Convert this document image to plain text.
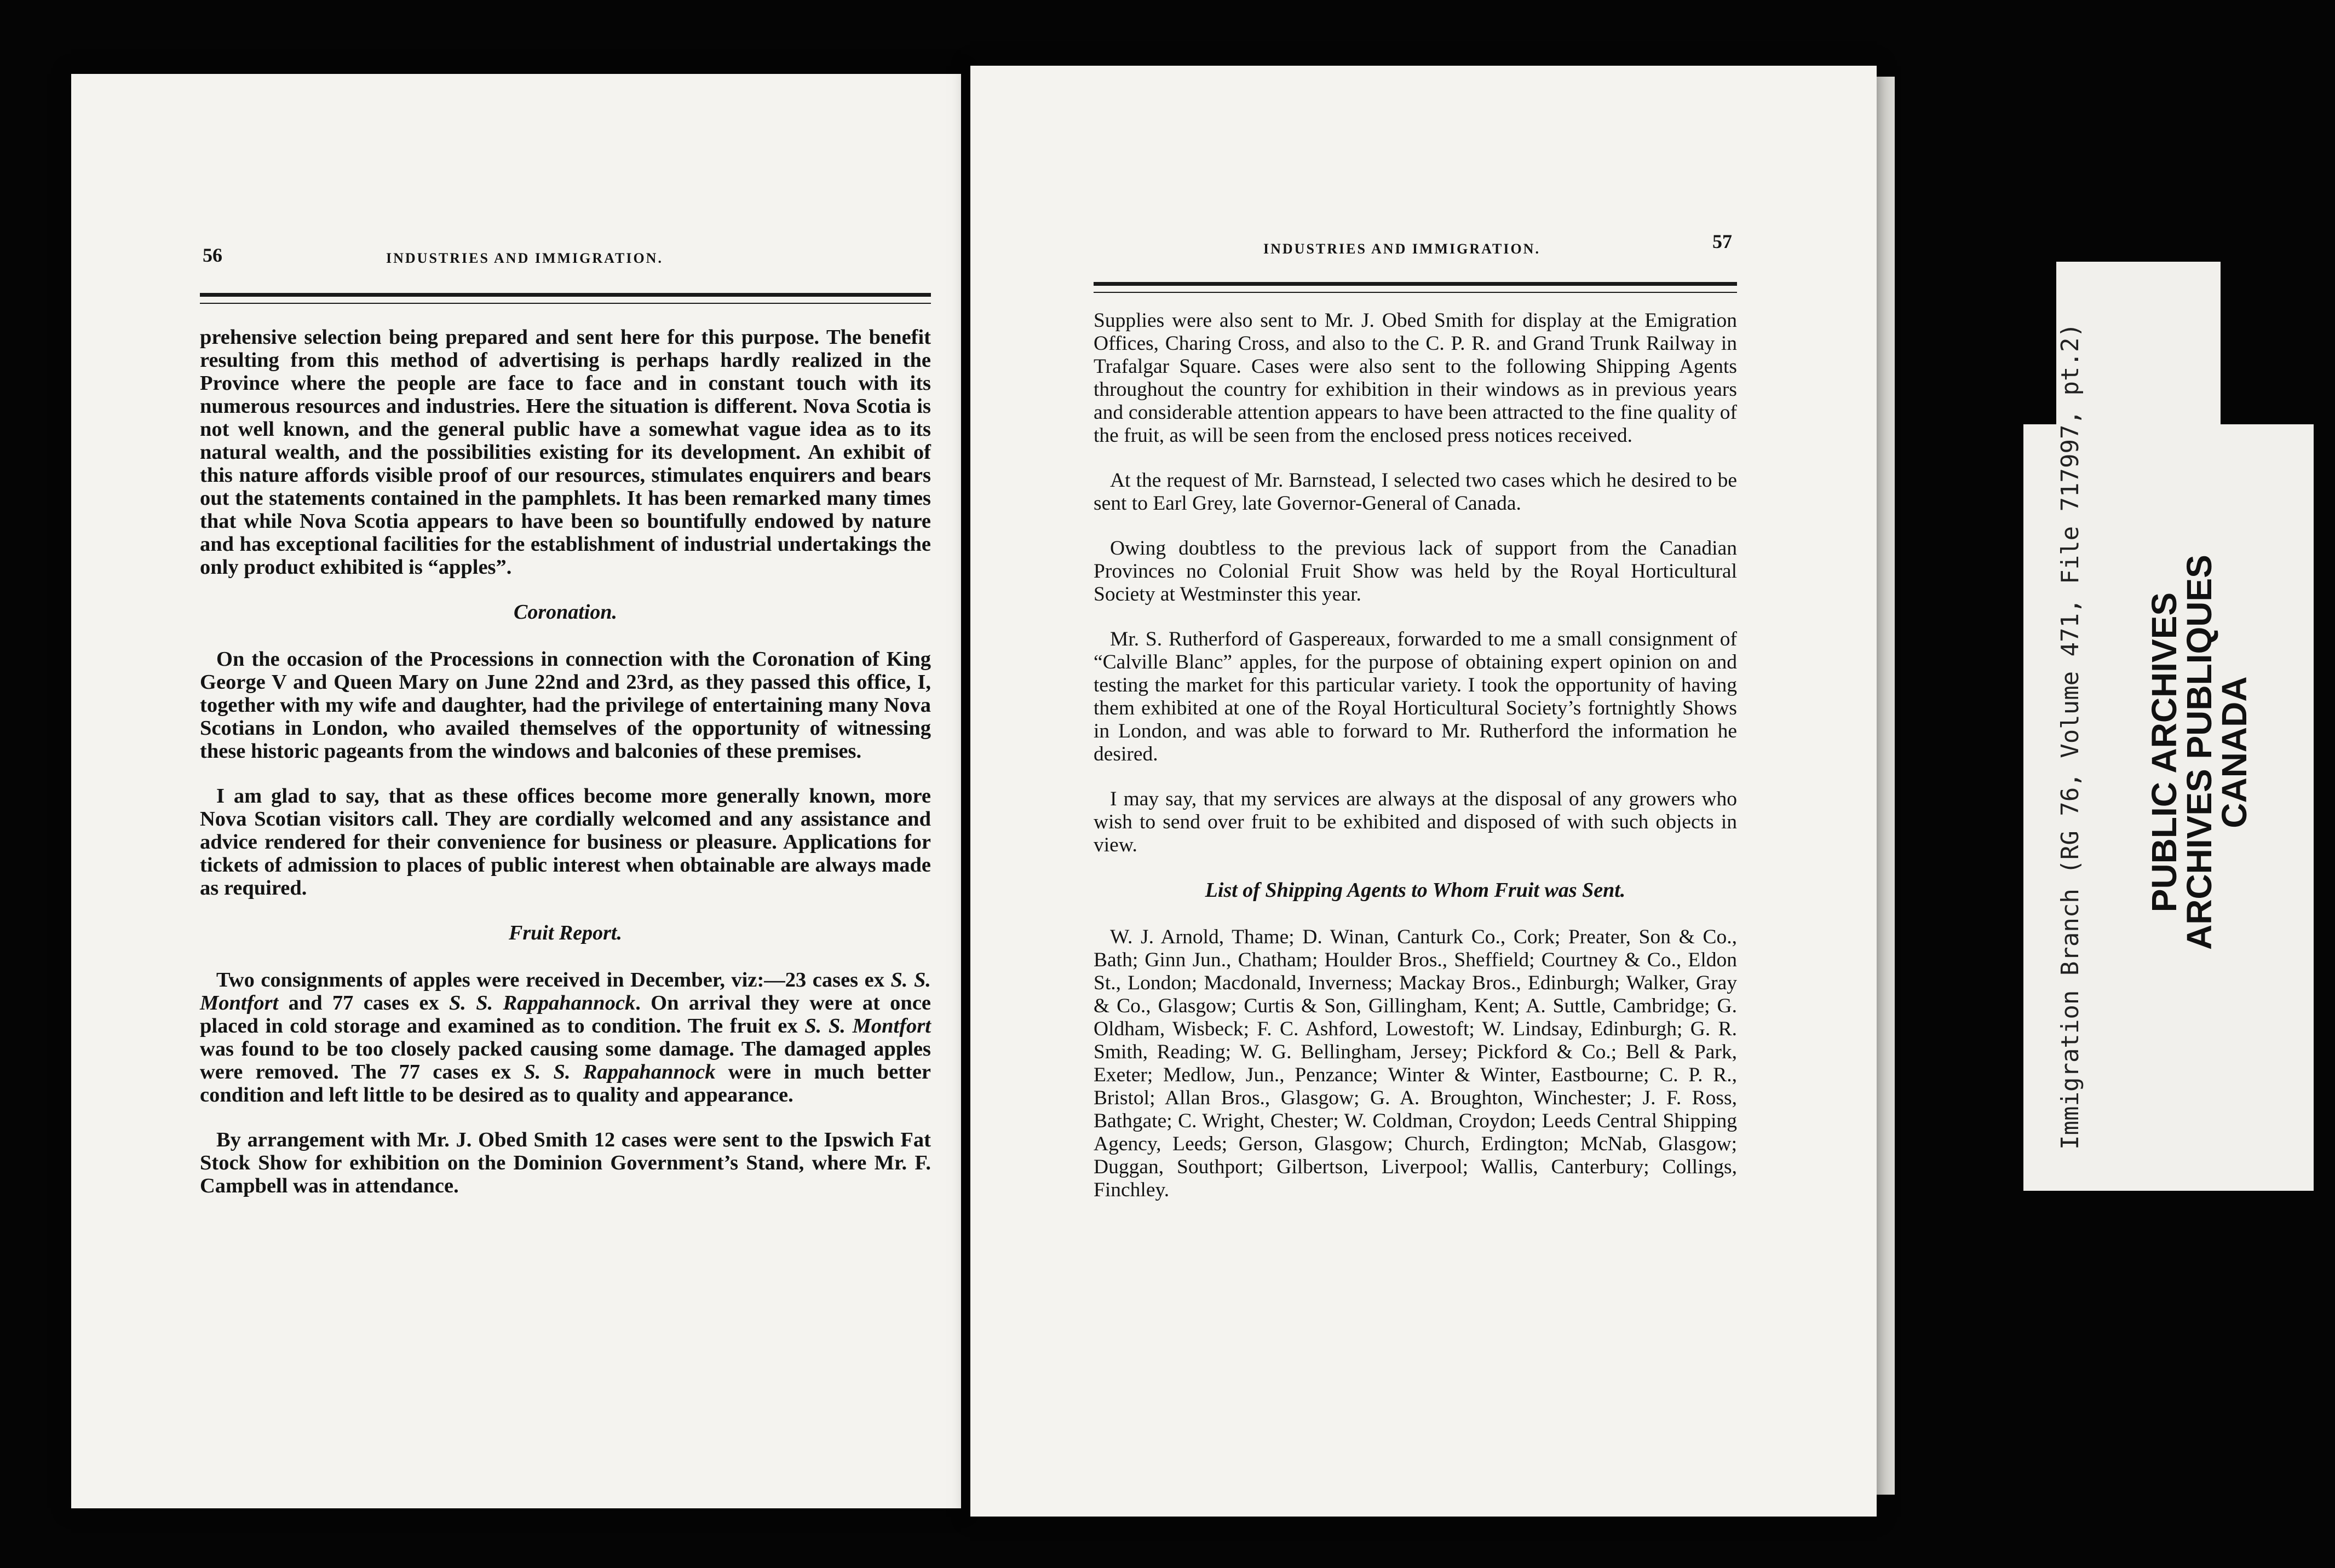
56	INDUSTRIES AND IMMIGRATION.

prehensive selection being prepared and sent here for this purpose. The benefit resulting from this method of advertising is perhaps hardly realized in the Province where the people are face to face and in constant touch with its numerous resources and industries. Here the situation is different. Nova Scotia is not well known, and the general public have a somewhat vague idea as to its natural wealth, and the possibilities existing for its development. An exhibit of this nature affords visible proof of our resources, stimulates enquirers and bears out the statements contained in the pamphlets. It has been remarked many times that while Nova Scotia appears to have been so bountifully endowed by nature and has exceptional facilities for the establishment of industrial undertakings the only product exhibited is “apples”.

Coronation.

On the occasion of the Processions in connection with the Coronation of King George V and Queen Mary on June 22nd and 23rd, as they passed this office, I, together with my wife and daughter, had the privilege of entertaining many Nova Scotians in London, who availed themselves of the opportunity of witnessing these historic pageants from the windows and balconies of these premises.

I am glad to say, that as these offices become more generally known, more Nova Scotian visitors call. They are cordially welcomed and any assistance and advice rendered for their convenience for business or pleasure. Applications for tickets of admission to places of public interest when obtainable are always made as required.

Fruit Report.

Two consignments of apples were received in December, viz:—23 cases ex S. S. Montfort and 77 cases ex S. S. Rappahannock. On arrival they were at once placed in cold storage and examined as to condition. The fruit ex S. S. Montfort was found to be too closely packed causing some damage. The damaged apples were removed. The 77 cases ex S. S. Rappahannock were in much better condition and left little to be desired as to quality and appearance.

By arrangement with Mr. J. Obed Smith 12 cases were sent to the Ipswich Fat Stock Show for exhibition on the Dominion Government’s Stand, where Mr. F. Campbell was in attendance.

INDUSTRIES AND IMMIGRATION.	57

Supplies were also sent to Mr. J. Obed Smith for display at the Emigration Offices, Charing Cross, and also to the C. P. R. and Grand Trunk Railway in Trafalgar Square. Cases were also sent to the following Shipping Agents throughout the country for exhibition in their windows as in previous years and considerable attention appears to have been attracted to the fine quality of the fruit, as will be seen from the enclosed press notices received.

At the request of Mr. Barnstead, I selected two cases which he desired to be sent to Earl Grey, late Governor-General of Canada.

Owing doubtless to the previous lack of support from the Canadian Provinces no Colonial Fruit Show was held by the Royal Horticultural Society at Westminster this year.

Mr. S. Rutherford of Gaspereaux, forwarded to me a small consignment of “Calville Blanc” apples, for the purpose of obtaining expert opinion on and testing the market for this particular variety. I took the opportunity of having them exhibited at one of the Royal Horticultural Society’s fortnightly Shows in London, and was able to forward to Mr. Rutherford the information he desired.

I may say, that my services are always at the disposal of any growers who wish to send over fruit to be exhibited and disposed of with such objects in view.

List of Shipping Agents to Whom Fruit was Sent.

W. J. Arnold, Thame; D. Winan, Canturk Co., Cork; Preater, Son & Co., Bath; Ginn Jun., Chatham; Houlder Bros., Sheffield; Courtney & Co., Eldon St., London; Macdonald, Inverness; Mackay Bros., Edinburgh; Walker, Gray & Co., Glasgow; Curtis & Son, Gillingham, Kent; A. Suttle, Cambridge; G. Oldham, Wisbeck; F. C. Ashford, Lowestoft; W. Lindsay, Edinburgh; G. R. Smith, Reading; W. G. Bellingham, Jersey; Pickford & Co.; Bell & Park, Exeter; Medlow, Jun., Penzance; Winter & Winter, Eastbourne; C. P. R., Bristol; Allan Bros., Glasgow; G. A. Broughton, Winchester; J. F. Ross, Bathgate; C. Wright, Chester; W. Coldman, Croydon; Leeds Central Shipping Agency, Leeds; Gerson, Glasgow; Church, Erdington; McNab, Glasgow; Duggan, Southport; Gilbertson, Liverpool; Wallis, Canterbury; Collings, Finchley.

Immigration Branch (RG 76, Volume 471, File 717997, pt.2) PUBLIC ARCHIVES
ARCHIVES PUBLIQUES
CANADA
